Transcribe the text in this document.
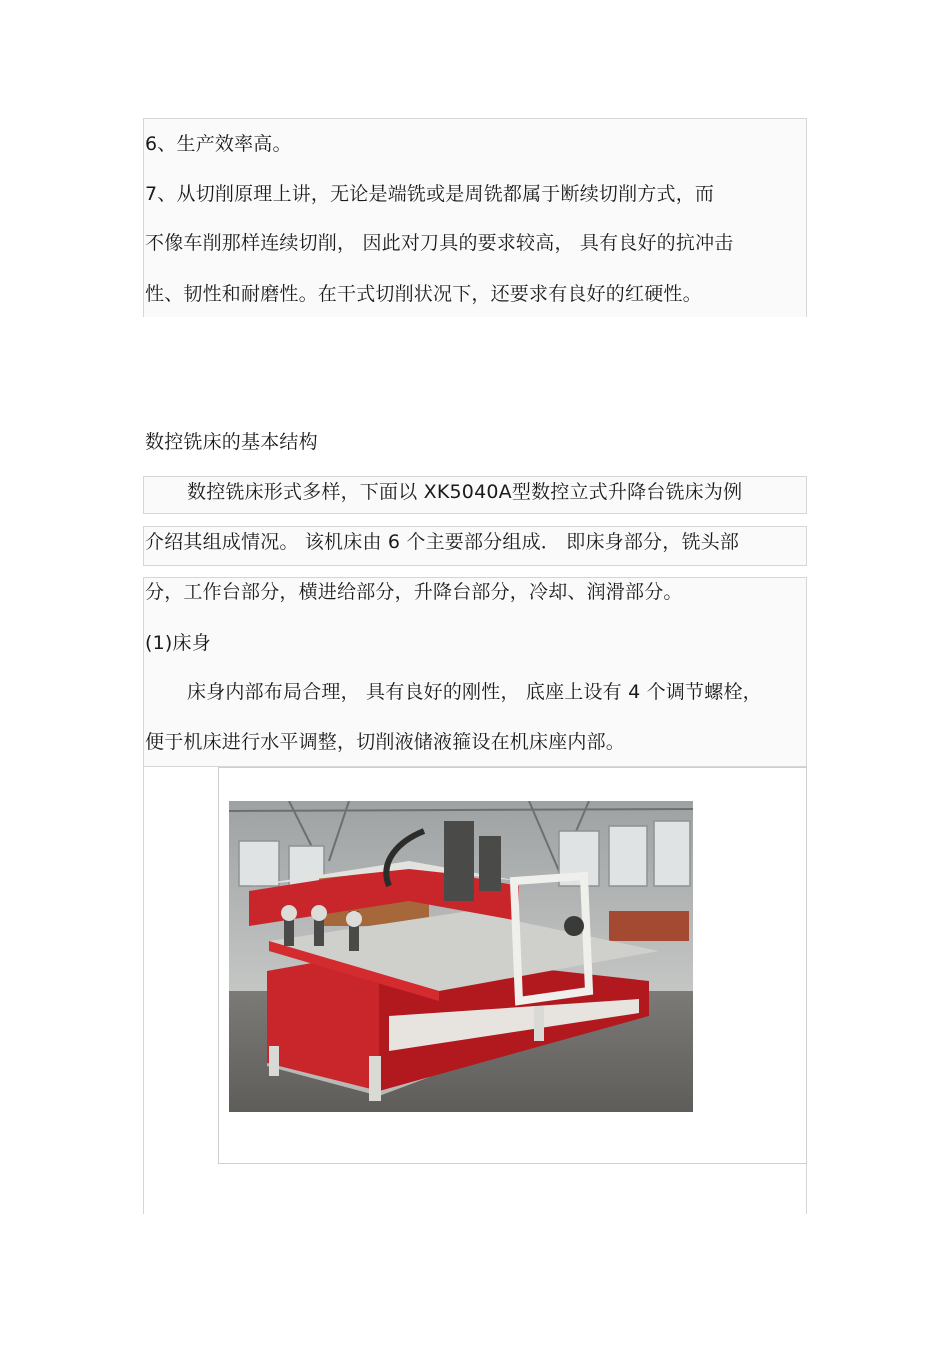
6、生产效率高。
7、从切削原理上讲，无论是端铣或是周铣都属于断续切削方式，而
不像车削那样连续切削， 因此对刀具的要求较高， 具有良好的抗冲击
性、韧性和耐磨性。在干式切削状况下，还要求有良好的红硬性。
数控铣床的基本结构
数控铣床形式多样，下面以 XK5040A型数控立式升降台铣床为例
介绍其组成情况。 该机床由 6 个主要部分组成． 即床身部分，铣头部
分，工作台部分，横进给部分，升降台部分，冷却、润滑部分。
(1)床身
床身内部布局合理， 具有良好的刚性， 底座上设有 4 个调节螺栓，
便于机床进行水平调整，切削液储液箍设在机床座内部。
